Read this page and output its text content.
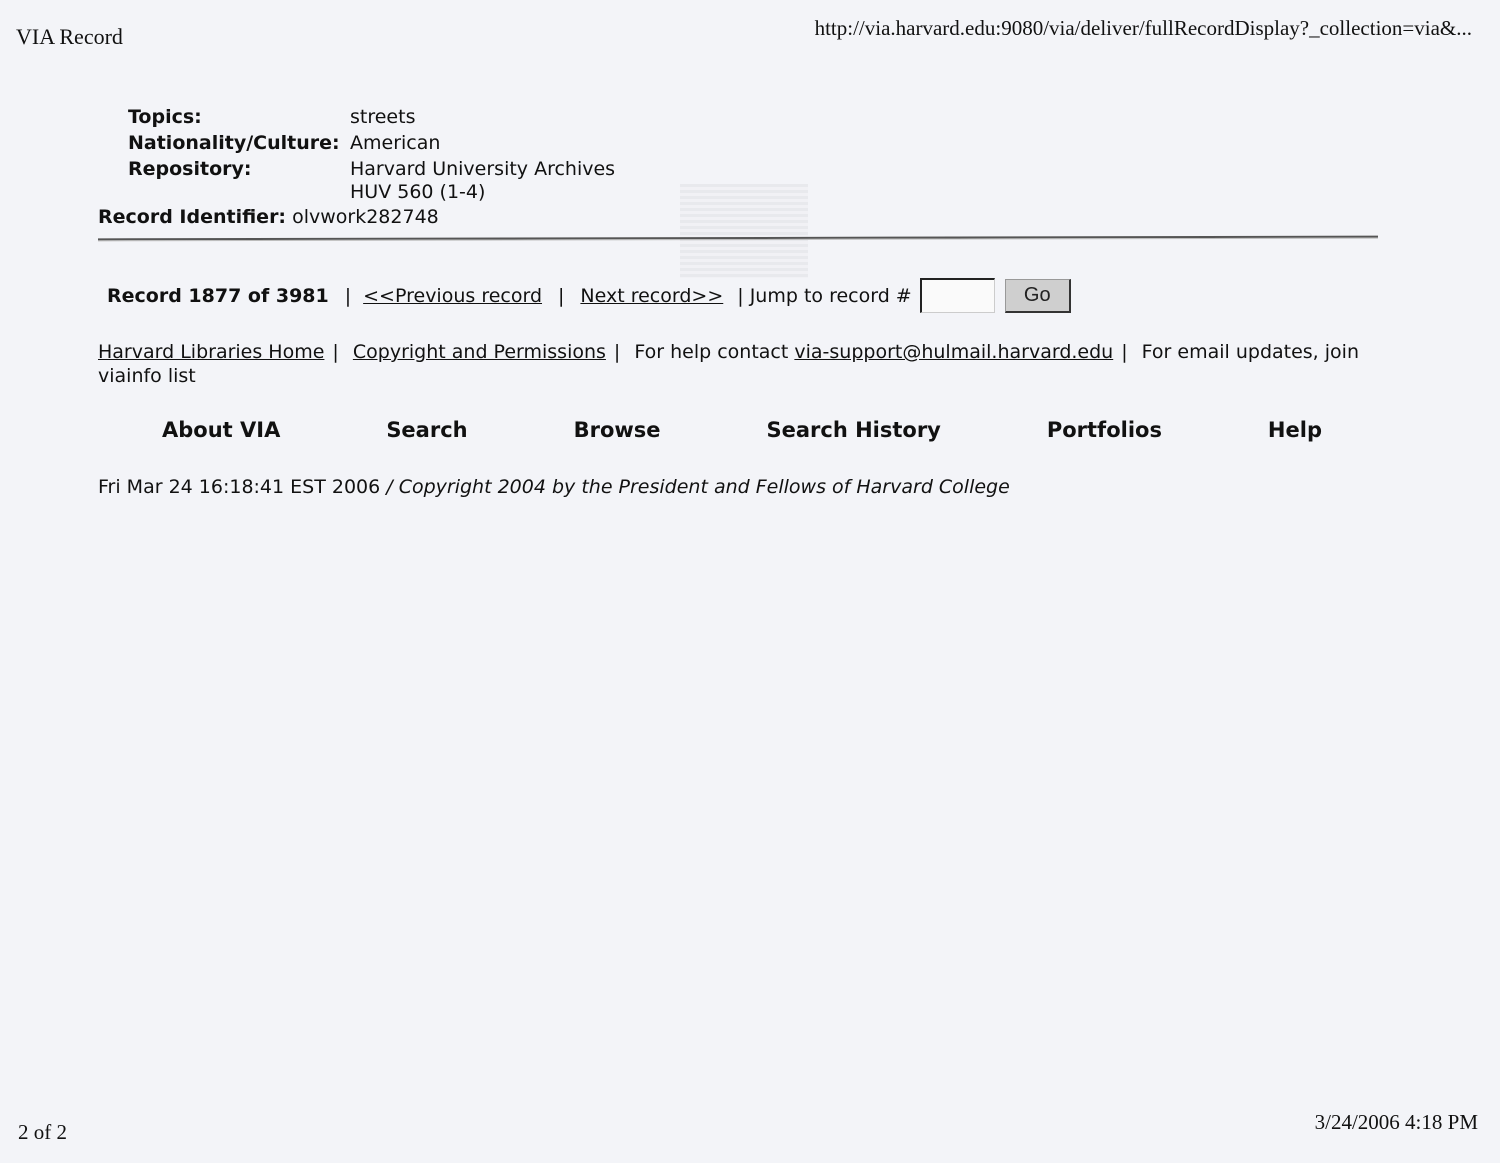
VIA Record	http://via.harvard.edu:9080/via/deliver/fullRecordDisplay?_collection=via&...
Topics:	streets
Nationality/Culture: American
Repository:	Harvard University Archives
HUV 560 (1-4)
Record Identifier: olvwork282748
Record 1877 of 3981 | <<Previous record | Next record>> | Jump to record #	Go
Harvard Libraries Home | Copyright and Permissions | For help contact via-support@hulmail.harvard.edu | For email updates, join viainfo list
About VIA	Search	Browse	Search History	Portfolios	Help
Fri Mar 24 16:18:41 EST 2006 / Copyright 2004 by the President and Fellows of Harvard College
2 of 2	3/24/2006 4:18 PM
